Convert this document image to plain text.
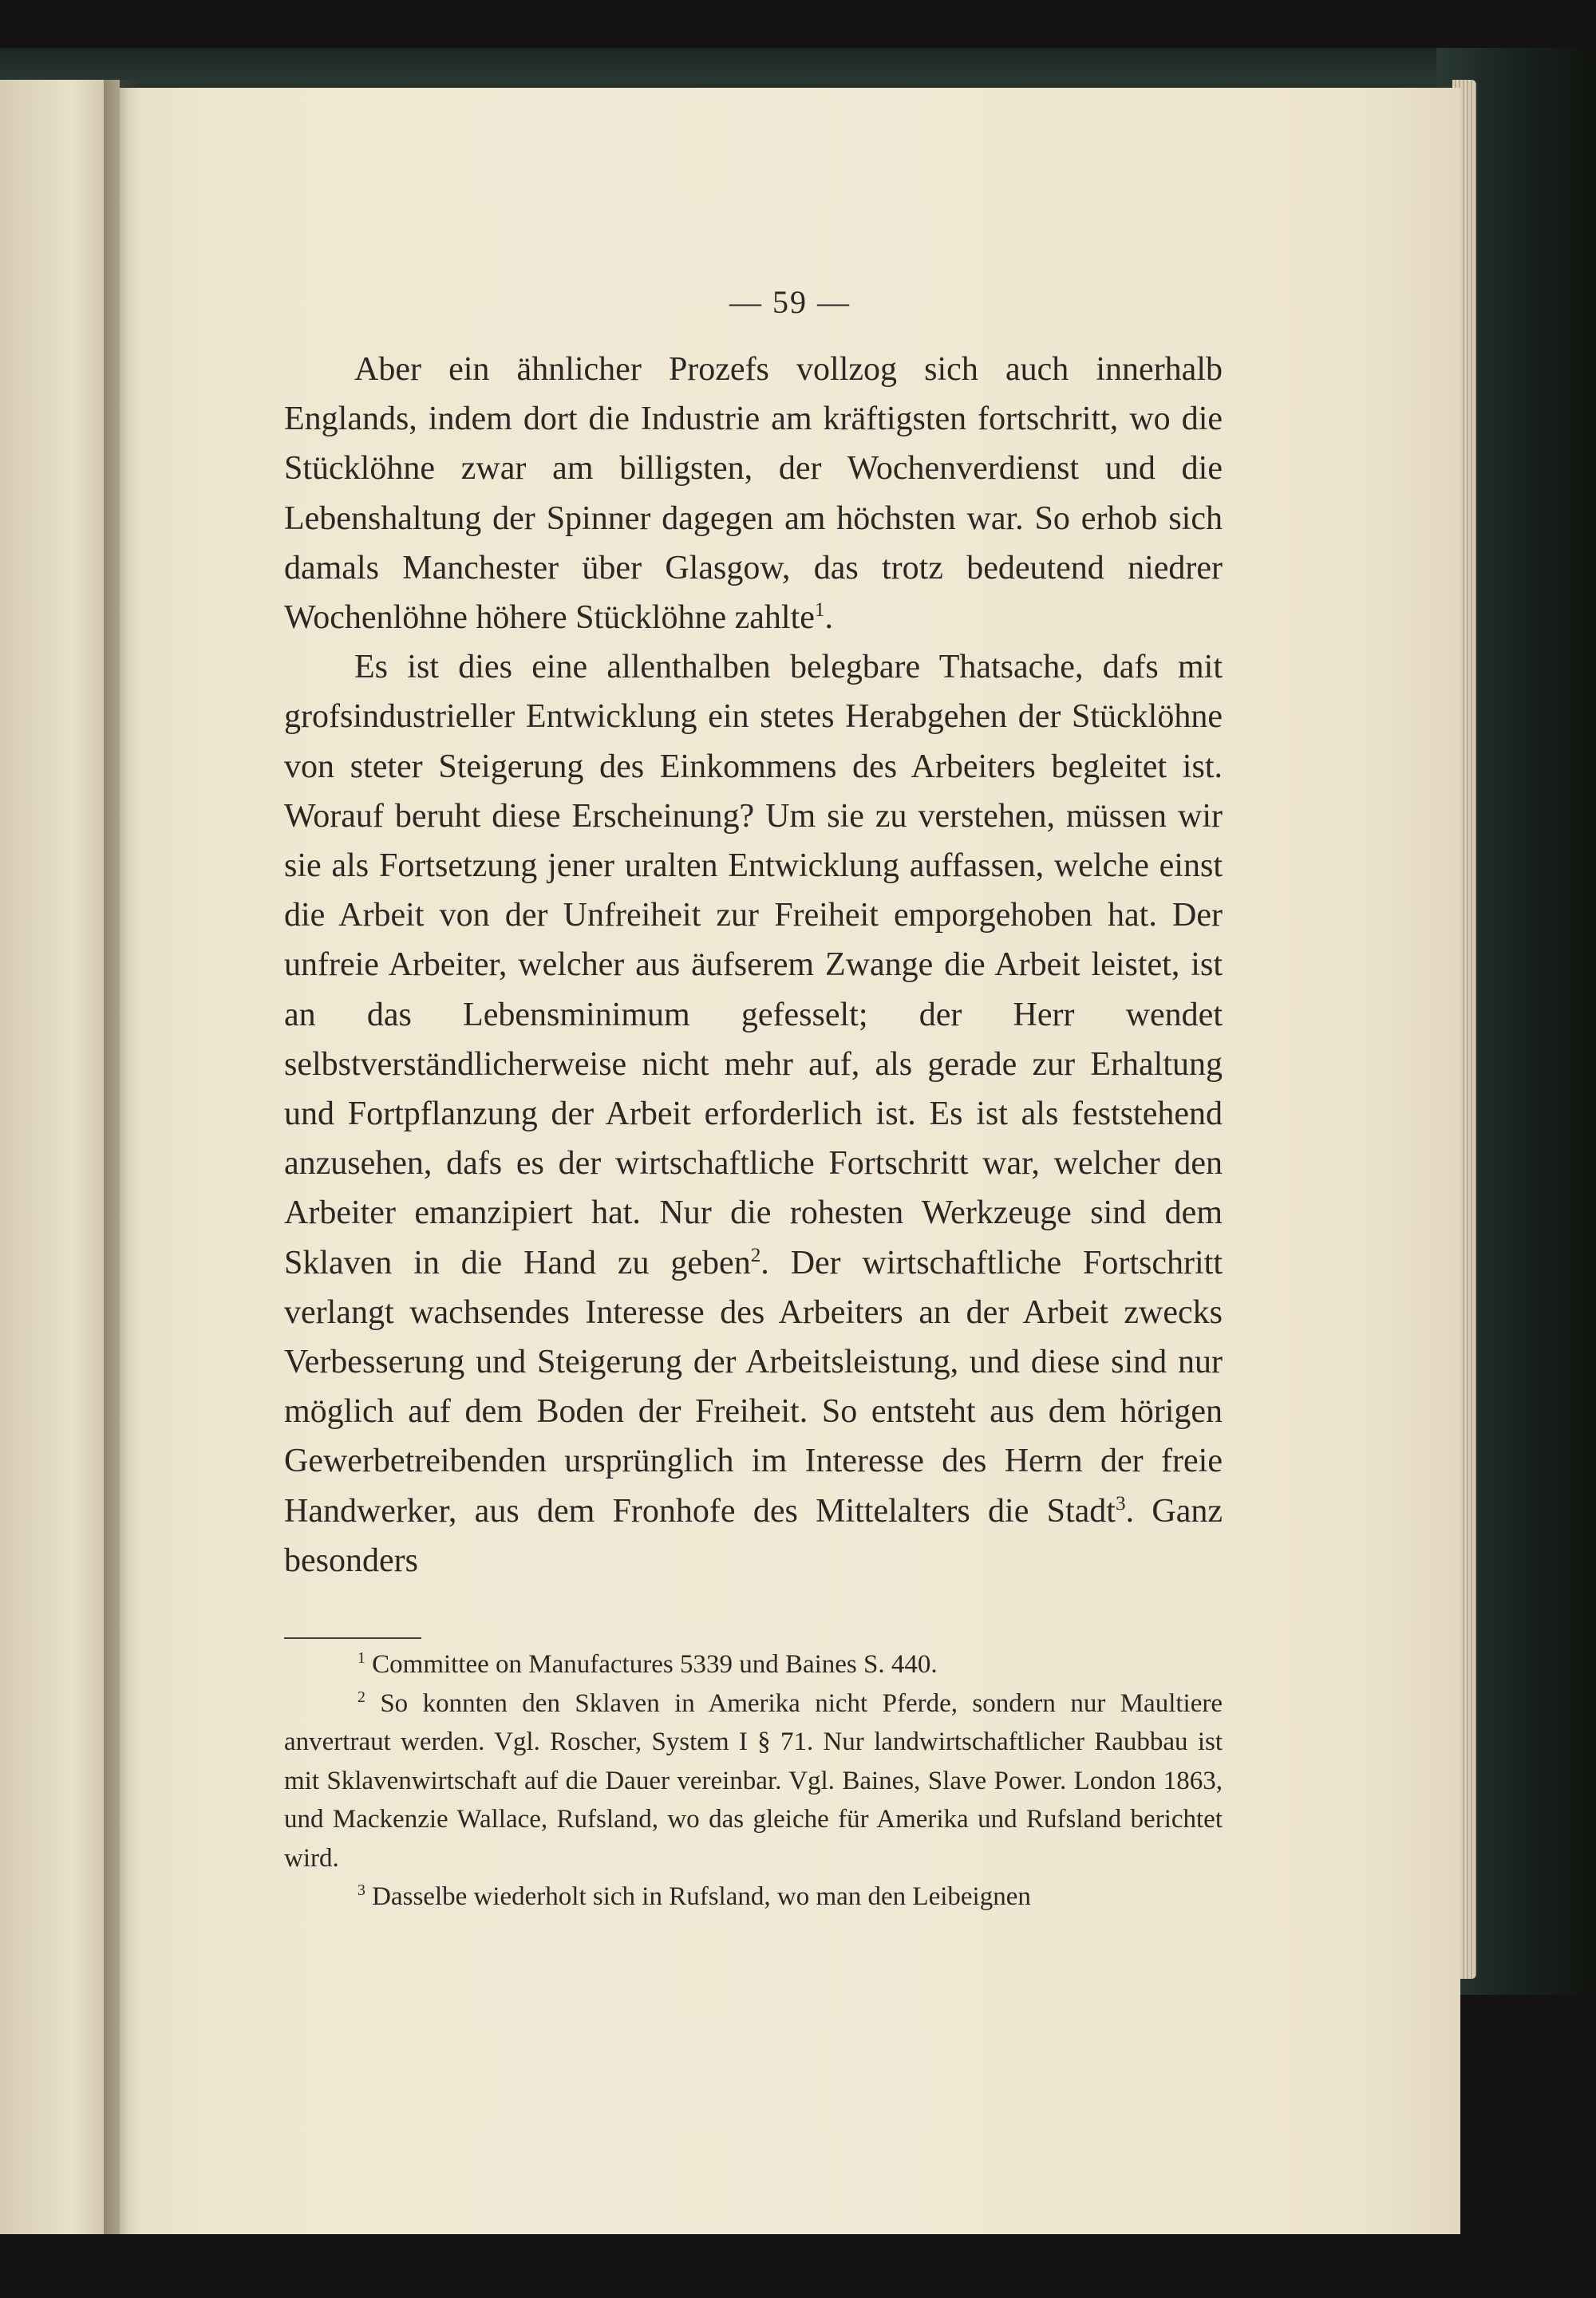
— 59 —

Aber ein ähnlicher Prozefs vollzog sich auch innerhalb Englands, indem dort die Industrie am kräftigsten fortschritt, wo die Stücklöhne zwar am billigsten, der Wochenverdienst und die Lebenshaltung der Spinner dagegen am höchsten war. So erhob sich damals Manchester über Glasgow, das trotz bedeutend niedrer Wochenlöhne höhere Stücklöhne zahlte$^1$.

Es ist dies eine allenthalben belegbare Thatsache, dafs mit grofsindustrieller Entwicklung ein stetes Herabgehen der Stücklöhne von steter Steigerung des Einkommens des Arbeiters begleitet ist. Worauf beruht diese Erscheinung? Um sie zu verstehen, müssen wir sie als Fortsetzung jener uralten Entwicklung auffassen, welche einst die Arbeit von der Unfreiheit zur Freiheit emporgehoben hat. Der unfreie Arbeiter, welcher aus äufserem Zwange die Arbeit leistet, ist an das Lebensminimum gefesselt; der Herr wendet selbstverständlicherweise nicht mehr auf, als gerade zur Erhaltung und Fortpflanzung der Arbeit erforderlich ist. Es ist als feststehend anzusehen, dafs es der wirtschaftliche Fortschritt war, welcher den Arbeiter emanzipiert hat. Nur die rohesten Werkzeuge sind dem Sklaven in die Hand zu geben$^2$. Der wirtschaftliche Fortschritt verlangt wachsendes Interesse des Arbeiters an der Arbeit zwecks Verbesserung und Steigerung der Arbeitsleistung, und diese sind nur möglich auf dem Boden der Freiheit. So entsteht aus dem hörigen Gewerbetreibenden ursprünglich im Interesse des Herrn der freie Handwerker, aus dem Fronhofe des Mittelalters die Stadt$^3$. Ganz besonders

$^1$ Committee on Manufactures 5339 und Baines S. 440.

$^2$ So konnten den Sklaven in Amerika nicht Pferde, sondern nur Maultiere anvertraut werden. Vgl. Roscher, System I § 71. Nur landwirtschaftlicher Raubbau ist mit Sklavenwirtschaft auf die Dauer vereinbar. Vgl. Baines, Slave Power. London 1863, und Mackenzie Wallace, Rufsland, wo das gleiche für Amerika und Rufsland berichtet wird.

$^3$ Dasselbe wiederholt sich in Rufsland, wo man den Leibeignen
